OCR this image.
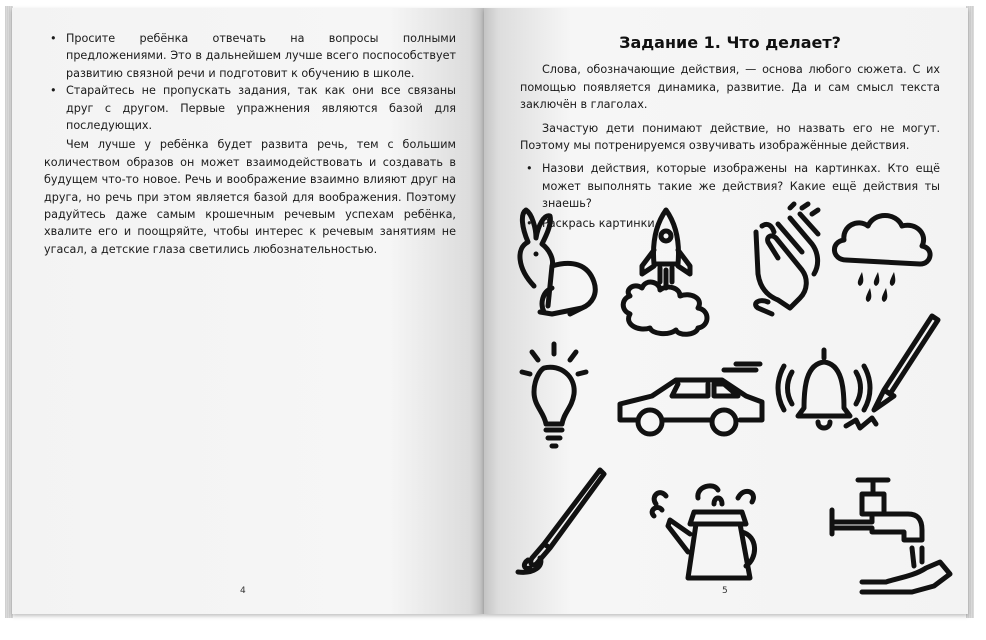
• Просите ребёнка отвечать на вопросы полными предложениями. Это в дальнейшем лучше всего поспособствует развитию связной речи и подготовит к обучению в школе.
• Старайтесь не пропускать задания, так как они все связаны друг с другом. Первые упражнения являются базой для последующих.
Чем лучше у ребёнка будет развита речь, тем с большим количеством образов он может взаимодействовать и создавать в будущем что-то новое. Речь и воображение взаимно влияют друг на друга, но речь при этом является базой для воображения. Поэтому радуйтесь даже самым крошечным речевым успехам ребёнка, хвалите его и поощряйте, чтобы интерес к речевым занятиям не угасал, а детские глаза светились любознательностью.
4
Задание 1. Что делает?
Слова, обозначающие действия, — основа любого сюжета. С их помощью появляется динамика, развитие. Да и сам смысл текста заключён в глаголах.
Зачастую дети понимают действие, но назвать его не могут. Поэтому мы потренируемся озвучивать изображённые действия.
• Назови действия, которые изображены на картинках. Кто ещё может выполнять такие же действия? Какие ещё действия ты знаешь?
• Раскрась картинки.
5
